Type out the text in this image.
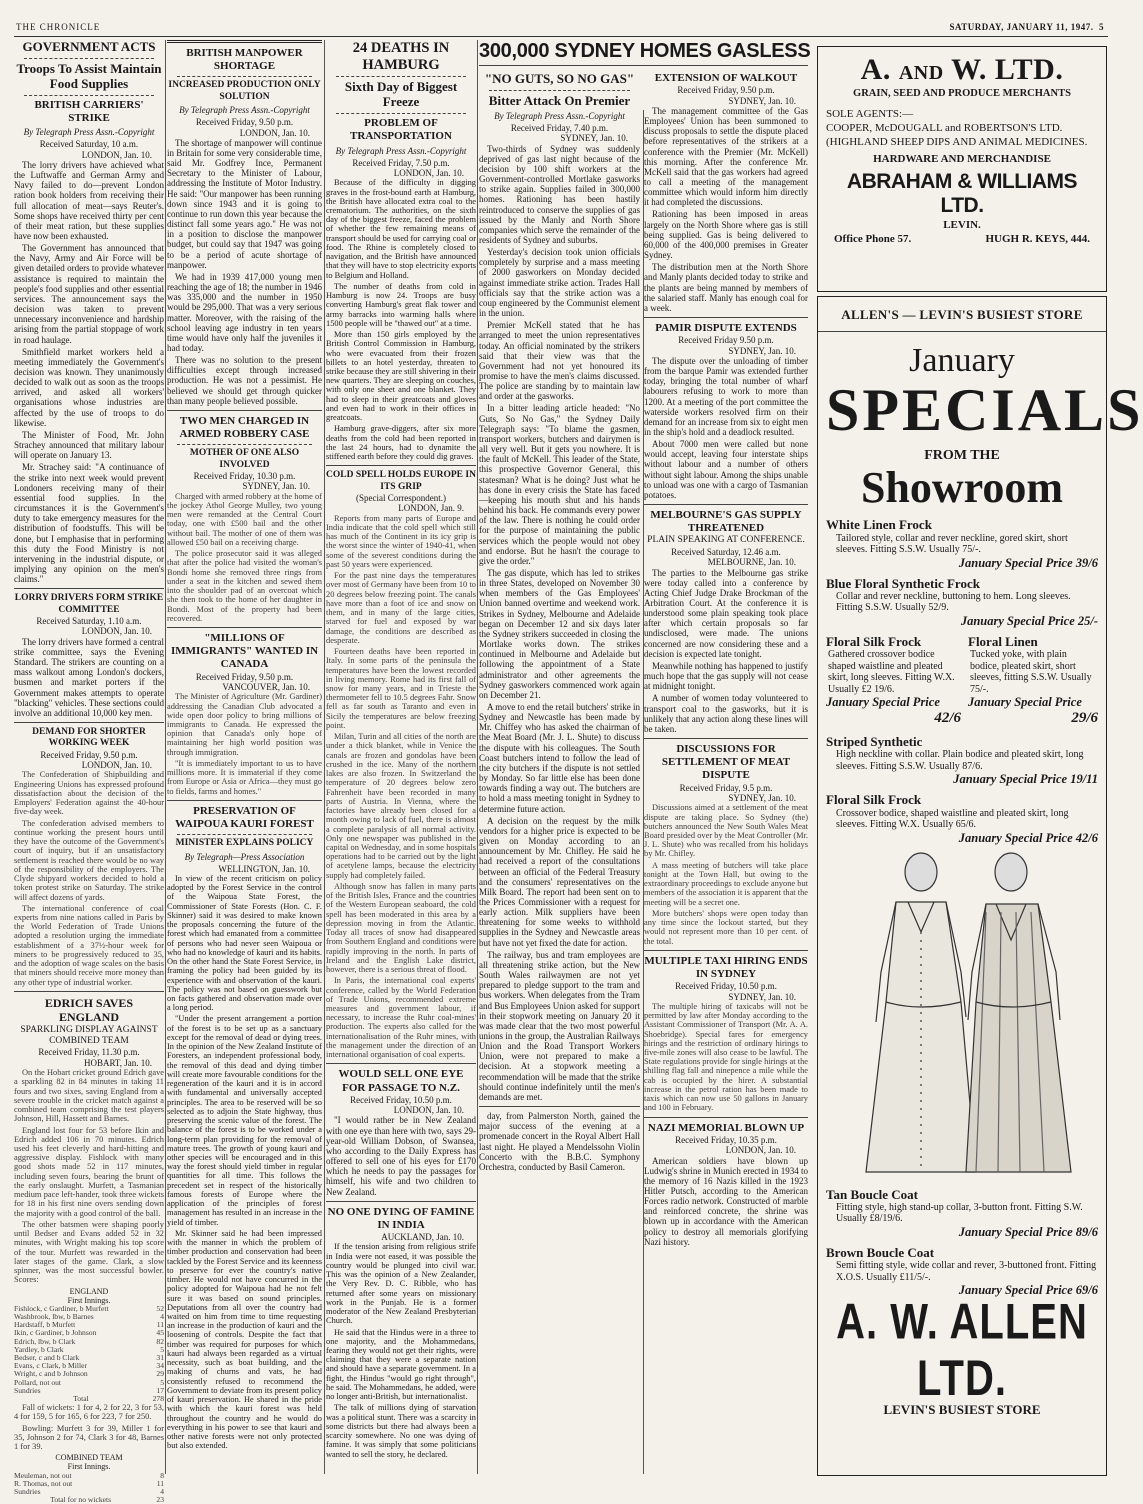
THE CHRONICLE	SATURDAY, JANUARY 11, 1947. 5
GOVERNMENT ACTS
Troops To Assist Maintain Food Supplies
BRITISH CARRIERS' STRIKE
By Telegraph Press Assn.-Copyright
Received Saturday, 10 a.m.
LONDON, Jan. 10.

The lorry drivers have achieved what the Luftwaffe and German Army and Navy failed to do—prevent London ration book holders from receiving their full allocation of meat—says Reuter's. Some shops have received thirty per cent of their meat ration, but these supplies have now been exhausted.

The Government has announced that the Navy, Army and Air Force will be given detailed orders to provide whatever assistance is required to maintain the people's food supplies and other essential services. The announcement says the decision was taken to prevent unnecessary inconvenience and hardship arising from the partial stoppage of work in road haulage.

Smithfield market workers held a meeting immediately the Government's decision was known. They unanimously decided to walk out as soon as the troops arrived, and asked all workers' organisations whose industries are affected by the use of troops to do likewise.

The Minister of Food, Mr. John Strachey announced that military labour will operate on January 13.

Mr. Strachey said: "A continuance of the strike into next week would prevent Londoners receiving many of their essential food supplies. In the circumstances it is the Government's duty to take emergency measures for the distribution of foodstuffs. This will be done, but I emphasise that in performing this duty the Food Ministry is not intervening in the industrial dispute, or implying any opinion on the men's claims."

LORRY DRIVERS FORM STRIKE COMMITTEE
Received Saturday, 1.10 a.m.
LONDON, Jan. 10.

The lorry drivers have formed a central strike committee, says the Evening Standard. The strikers are counting on a mass walkout among London's dockers, busmen and market porters if the Government makes attempts to operate "blacking" vehicles. These sections could involve an additional 10,000 key men.

DEMAND FOR SHORTER WORKING WEEK
Received Friday, 9.50 p.m.
LONDON, Jan. 10.

The Confederation of Shipbuilding and Engineering Unions has expressed profound dissatisfaction about the decision of the Employers' Federation against the 40-hour five-day week.

The confederation advised members to continue working the present hours until they have the outcome of the Government's court of inquiry, but if an unsatisfactory settlement is reached there would be no way of the responsibility of the employers. The Clyde shipyard workers decided to hold a token protest strike on Saturday. The strike will affect dozens of yards.

The international conference of coal experts from nine nations called in Paris by the World Federation of Trade Unions adopted a resolution urging the immediate establishment of a 37½-hour week for miners to be progressively reduced to 35, and the adoption of wage scales on the basis that miners should receive more money than any other type of industrial worker.

EDRICH SAVES ENGLAND
SPARKLING DISPLAY AGAINST COMBINED TEAM
Received Friday, 11.30 p.m.
HOBART, Jan. 10.

On the Hobart cricket ground Edrich gave a sparkling 82 in 84 minutes in taking 11 fours and two sixes, saving England from a severe trouble in the cricket match against a combined team comprising the test players Johnson, Hill, Hassett and Barnes.

England lost four for 53 before Ikin and Edrich added 106 in 70 minutes. Edrich used his feet cleverly and hard-hitting and aggressive display. Fishlock with many good shots made 52 in 117 minutes, including seven fours, bearing the brunt of the early onslaught. Murfett, a Tasmanian medium pace left-hander, took three wickets for 18 in his first nine overs sending down the majority with a good control of the ball.

The other batsmen were shaping poorly until Bedser and Evans added 52 in 32 minutes, with Wright making his top score of the tour. Murfett was rewarded in the later stages of the game. Clark, a slow spinner, was the most successful bowler. Scores:

ENGLAND
First Innings.
Fishlock, c Gardiner, b Murfett	52
Washbrook, lbw, b Barnes	4
Hardstaff, b Murfett	11
Ikin, c Gardiner, b Johnson	45
Edrich, lbw, b Clark	82
Yardley, b Clark	5
Bedser, c and b Clark	31
Evans, c Clark, b Miller	34
Wright, c and b Johnson	29
Pollard, not out	5
Sundries	17
Total	278

Fall of wickets: 1 for 4, 2 for 22, 3 for 53, 4 for 159, 5 for 165, 6 for 223, 7 for 250.

Bowling: Murfett 3 for 39, Miller 1 for 35, Johnson 2 for 74, Clark 3 for 48, Barnes 1 for 39.

COMBINED TEAM
First Innings.
Meuleman, not out	8
R. Thomas, not out	11
Sundries	4
Total for no wickets	23
BRITISH MANPOWER SHORTAGE
INCREASED PRODUCTION ONLY SOLUTION
By Telegraph Press Assn.-Copyright
Received Friday, 9.50 p.m.
LONDON, Jan. 10.

The shortage of manpower will continue in Britain for some very considerable time, said Mr. Godfrey Ince, Permanent Secretary to the Minister of Labour, addressing the Institute of Motor Industry. He said: "Our manpower has been running down since 1943 and it is going to continue to run down this year because the distinct fall some years ago." He was not in a position to disclose the manpower budget, but could say that 1947 was going to be a period of acute shortage of manpower.

We had in 1939 417,000 young men reaching the age of 18; the number in 1946 was 335,000 and the number in 1950 would be 295,000. That was a very serious matter. Moreover, with the raising of the school leaving age industry in ten years time would have only half the juveniles it had today.

There was no solution to the present difficulties except through increased production. He was not a pessimist. He believed we should get through quicker than many people believed possible.

TWO MEN CHARGED IN ARMED ROBBERY CASE
MOTHER OF ONE ALSO INVOLVED
Received Friday, 10.30 p.m.
SYDNEY, Jan. 10.

Charged with armed robbery at the home of the jockey Athol George Mulley, two young men were remanded at the Central Court today, one with £500 bail and the other without bail. The mother of one of them was allowed £50 bail on a receiving charge.

The police prosecutor said it was alleged that after the police had visited the woman's Bondi home she removed three rings from under a seat in the kitchen and sewed them into the shoulder pad of an overcoat which she then took to the home of her daughter in Bondi. Most of the property had been recovered.

"MILLIONS OF IMMIGRANTS" WANTED IN CANADA
Received Friday, 9.50 p.m.
VANCOUVER, Jan. 10.

The Minister of Agriculture (Mr. Gardiner) addressing the Canadian Club advocated a wide open door policy to bring millions of immigrants to Canada. He expressed the opinion that Canada's only hope of maintaining her high world position was through immigration.

"It is immediately important to us to have millions more. It is immaterial if they come from Europe or Asia or Africa—they must go to fields, farms and homes."

PRESERVATION OF WAIPOUA KAURI FOREST
MINISTER EXPLAINS POLICY
By Telegraph—Press Association
WELLINGTON, Jan. 10.

In view of the recent criticism on policy adopted by the Forest Service in the control of the Waipoua State Forest, the Commissioner of State Forests (Hon. C. F. Skinner) said it was desired to make known the proposals concerning the future of the forest which had emanated from a committee of persons who had never seen Waipoua or who had no knowledge of kauri and its habits. On the other hand the State Forest Service, in framing the policy had been guided by its experience with and observation of the kauri. The policy was not based on guesswork but on facts gathered and observation made over a long period.

"Under the present arrangement a portion of the forest is to be set up as a sanctuary except for the removal of dead or dying trees. In the opinion of the New Zealand Institute of Foresters, an independent professional body, the removal of this dead and dying timber will create more favourable conditions for the regeneration of the kauri and it is in accord with fundamental and universally accepted principles. The area to be reserved will be so selected as to adjoin the State highway, thus preserving the scenic value of the forest. The balance of the forest is to be worked under a long-term plan providing for the removal of mature trees. The growth of young kauri and other species will be encouraged and in this way the forest should yield timber in regular quantities for all time. This follows the precedent set in respect of the historically famous forests of Europe where the application of the principles of forest management has resulted in an increase in the yield of timber.

Mr. Skinner said he had been impressed with the manner in which the problem of timber production and conservation had been tackled by the Forest Service and its keenness to preserve for ever the country's native timber. He would not have concurred in the policy adopted for Waipoua had he not felt sure it was based on sound principles. Deputations from all over the country had waited on him from time to time requesting an increase in the production of kauri and the loosening of controls. Despite the fact that timber was required for purposes for which kauri had always been regarded as a virtual necessity, such as boat building, and the making of churns and vats, he had consistently refused to recommend the Government to deviate from its present policy of kauri preservation. He shared in the pride with which the kauri forest was held throughout the country and he would do everything in his power to see that kauri and other native forests were not only protected but also extended.

24 DEATHS IN HAMBURG
Sixth Day of Biggest Freeze
PROBLEM OF TRANSPORTATION
By Telegraph Press Assn.-Copyright
Received Friday, 7.50 p.m.
LONDON, Jan. 10.

Because of the difficulty in digging graves in the frost-bound earth at Hamburg, the British have allocated extra coal to the crematorium. The authorities, on the sixth day of the biggest freeze, faced the problem of whether the few remaining means of transport should be used for carrying coal or food. The Rhine is completely closed to navigation, and the British have announced that they will have to stop electricity exports to Belgium and Holland.

The number of deaths from cold in Hamburg is now 24. Troops are busy converting Hamburg's great flak tower and army barracks into warming halls where 1500 people will be "thawed out" at a time.

More than 150 girls employed by the British Control Commission in Hamburg, who were evacuated from their frozen billets to an hotel yesterday, threaten to strike because they are still shivering in their new quarters. They are sleeping on couches, with only one sheet and one blanket. They had to sleep in their greatcoats and gloves and even had to work in their offices in greatcoats.

Hamburg grave-diggers, after six more deaths from the cold had been reported in the last 24 hours, had to dynamite the stiffened earth before they could dig graves.

COLD SPELL HOLDS EUROPE IN ITS GRIP
(Special Correspondent.)
LONDON, Jan. 9.

Reports from many parts of Europe and India indicate that the cold spell which still has much of the Continent in its icy grip is the worst since the winter of 1940-41, when some of the severest conditions during the past 50 years were experienced.

For the past nine days the temperatures over most of Germany have been from 10 to 20 degrees below freezing point. The canals have more than a foot of ice and snow on them, and in many of the large cities, starved for fuel and exposed by war damage, the conditions are described as desperate.

Fourteen deaths have been reported in Italy. In some parts of the peninsula the temperatures have been the lowest recorded in living memory. Rome had its first fall of snow for many years, and in Trieste the thermometer fell to 10.5 degrees Fahr. Snow fell as far south as Taranto and even in Sicily the temperatures are below freezing point.

Milan, Turin and all cities of the north are under a thick blanket, while in Venice the canals are frozen and gondolas have been crushed in the ice. Many of the northern lakes are also frozen. In Switzerland the temperature of 20 degrees below zero Fahrenheit have been recorded in many parts of Austria. In Vienna, where the factories have already been closed for a month owing to lack of fuel, there is almost a complete paralysis of all normal activity. Only one newspaper was published in the capital on Wednesday, and in some hospitals operations had to be carried out by the light of acetylene lamps, because the electricity supply had completely failed.

Although snow has fallen in many parts of the British Isles, France and the countries of the Western European seaboard, the cold spell has been moderated in this area by a depression moving in from the Atlantic. Today all traces of snow had disappeared from Southern England and conditions were rapidly improving in the north. In parts of Ireland and the English Lake district, however, there is a serious threat of flood.

In Paris, the international coal experts' conference, called by the World Federation of Trade Unions, recommended extreme measures and government labour, if necessary, to increase the Ruhr coal-mines' production. The experts also called for the internationalisation of the Ruhr mines, with the management under the direction of an international organisation of coal experts.

WOULD SELL ONE EYE FOR PASSAGE TO N.Z.
Received Friday, 10.50 p.m.
LONDON, Jan. 10.

"I would rather be in New Zealand with one eye than here with two, says 29-year-old William Dobson, of Swansea, who according to the Daily Express has offered to sell one of his eyes for £170 which he needs to pay the passages for himself, his wife and two children to New Zealand.

NO ONE DYING OF FAMINE IN INDIA
AUCKLAND, Jan. 10.

If the tension arising from religious strife in India were not eased, it was possible the country would be plunged into civil war. This was the opinion of a New Zealander, the Very Rev. D. C. Ribble, who has returned after some years on missionary work in the Punjab. He is a former moderator of the New Zealand Presbyterian Church.

He said that the Hindus were in a three to one majority, and the Mohammedans, fearing they would not get their rights, were claiming that they were a separate nation and should have a separate government. In a fight, the Hindus "would go right through", he said. The Mohammedans, he added, were no longer anti-British, but internationalist.

The talk of millions dying of starvation was a political stunt. There was a scarcity in some districts but there had always been a scarcity somewhere. No one was dying of famine. It was simply that some politicians wanted to sell the story, he declared.

300,000 SYDNEY HOMES GASLESS
"NO GUTS, SO NO GAS"
Bitter Attack On Premier
By Telegraph Press Assn.-Copyright
Received Friday, 7.40 p.m.
SYDNEY, Jan. 10.

Two-thirds of Sydney was suddenly deprived of gas last night because of the decision by 100 shift workers at the Government-controlled Mortlake gasworks to strike again. Supplies failed in 300,000 homes. Rationing has been hastily reintroduced to conserve the supplies of gas issued by the Manly and North Shore companies which serve the remainder of the residents of Sydney and suburbs.

Yesterday's decision took union officials completely by surprise and a mass meeting of 2000 gasworkers on Monday decided against immediate strike action. Trades Hall officials say that the strike action was a coup engineered by the Communist element in the union.

Premier McKell stated that he has arranged to meet the union representatives today. An official nominated by the strikers said that their view was that the Government had not yet honoured its promise to have the men's claims discussed. The police are standing by to maintain law and order at the gasworks.

In a bitter leading article headed: "No Guts, So No Gas," the Sydney Daily Telegraph says: "To blame the gasmen, transport workers, butchers and dairymen is all very well. But it gets you nowhere. It is the fault of McKell. This leader of the State, this prospective Governor General, this statesman? What is he doing? Just what he has done in every crisis the State has faced—keeping his mouth shut and his hands behind his back. He commands every power of the law. There is nothing he could order for the purpose of maintaining the public services which the people would not obey and endorse. But he hasn't the courage to give the order."

The gas dispute, which has led to strikes in three States, developed on November 30 when members of the Gas Employees' Union banned overtime and weekend work. Strikes in Sydney, Melbourne and Adelaide began on December 12 and six days later the Sydney strikers succeeded in closing the Mortlake works down. The strikes continued in Melbourne and Adelaide but following the appointment of a State administrator and other agreements the Sydney gasworkers commenced work again on December 21.

A move to end the retail butchers' strike in Sydney and Newcastle has been made by Mr. Chiffey who has asked the chairman of the Meat Board (Mr. J. L. Shute) to discuss the dispute with his colleagues. The South Coast butchers intend to follow the lead of the city butchers if the dispute is not settled by Monday. So far little else has been done towards finding a way out. The butchers are to hold a mass meeting tonight in Sydney to determine future action.

A decision on the request by the milk vendors for a higher price is expected to be given on Monday according to an announcement by Mr. Chifley. He said he had received a report of the consultations between an official of the Federal Treasury and the consumers' representatives on the Milk Board. The report had been sent on to the Prices Commissioner with a request for early action. Milk suppliers have been threatening for some weeks to withhold supplies in the Sydney and Newcastle areas but have not yet fixed the date for action.

The railway, bus and tram employees are all threatening strike action, but the New South Wales railwaymen are not yet prepared to pledge support to the tram and bus workers. When delegates from the Tram and Bus Employees Union asked for support in their stopwork meeting on January 20 it was made clear that the two most powerful unions in the group, the Australian Railways Union and the Road Transport Workers Union, were not prepared to make a decision. At a stopwork meeting a recommendation will be made that the strike should continue indefinitely until the men's demands are met.

day, from Palmerston North, gained the major success of the evening at a promenade concert in the Royal Albert Hall last night. He played a Mendelssohn Violin Concerto with the B.B.C. Symphony Orchestra, conducted by Basil Cameron.

EXTENSION OF WALKOUT
Received Friday, 9.50 p.m.
SYDNEY, Jan. 10.

The management committee of the Gas Employees' Union has been summoned to discuss proposals to settle the dispute placed before representatives of the strikers at a conference with the Premier (Mr. McKell) this morning. After the conference Mr. McKell said that the gas workers had agreed to call a meeting of the management committee which would inform him directly it had completed the discussions.

Rationing has been imposed in areas largely on the North Shore where gas is still being supplied. Gas is being delivered to 60,000 of the 400,000 premises in Greater Sydney.

The distribution men at the North Shore and Manly plants decided today to strike and the plants are being manned by members of the salaried staff. Manly has enough coal for a week.

PAMIR DISPUTE EXTENDS
Received Friday 9.50 p.m.
SYDNEY, Jan. 10.

The dispute over the unloading of timber from the barque Pamir was extended further today, bringing the total number of wharf labourers refusing to work to more than 1200. At a meeting of the port committee the waterside workers resolved firm on their demand for an increase from six to eight men in the ship's hold and a deadlock resulted.

About 7000 men were called but none would accept, leaving four interstate ships without labour and a number of others without sight labour. Among the ships unable to unload was one with a cargo of Tasmanian potatoes.

MELBOURNE'S GAS SUPPLY THREATENED
PLAIN SPEAKING AT CONFERENCE.
Received Saturday, 12.46 a.m.
MELBOURNE, Jan. 10.

The parties to the Melbourne gas strike were today called into a conference by Acting Chief Judge Drake Brockman of the Arbitration Court. At the conference it is understood some plain speaking took place after which certain proposals so far undisclosed, were made. The unions concerned are now considering these and a decision is expected late tonight.

Meanwhile nothing has happened to justify much hope that the gas supply will not cease at midnight tonight.

A number of women today volunteered to transport coal to the gasworks, but it is unlikely that any action along these lines will be taken.

DISCUSSIONS FOR SETTLEMENT OF MEAT DISPUTE
Received Friday, 9.5 p.m.
SYDNEY, Jan. 10.

Discussions aimed at a settlement of the meat dispute are taking place. So Sydney (the) butchers announced the New South Wales Meat Board presided over by the Meat Controller (Mr. J. L. Shute) who was recalled from his holidays by Mr. Chifley.

A mass meeting of butchers will take place tonight at the Town Hall, but owing to the extraordinary proceedings to exclude anyone but members of the association it is apparent that the meeting will be a secret one.

More butchers' shops were open today than any time since the lockout started, but they would not represent more than 10 per cent. of the total.

MULTIPLE TAXI HIRING ENDS IN SYDNEY
Received Friday, 10.50 p.m.
SYDNEY, Jan. 10.

The multiple hiring of taxicabs will not be permitted by law after Monday according to the Assistant Commissioner of Transport (Mr. A. A. Shoebridge). Special fares for emergency hirings and the restriction of ordinary hirings to five-mile zones will also cease to be lawful. The State regulations provide for single hirings at the shilling flag fall and ninepence a mile while the cab is occupied by the hirer. A substantial increase in the petrol ration has been made to taxis which can now use 50 gallons in January and 100 in February.

NAZI MEMORIAL BLOWN UP
Received Friday, 10.35 p.m.
LONDON, Jan. 10.

American soldiers have blown up Ludwig's shrine in Munich erected in 1934 to the memory of 16 Nazis killed in the 1923 Hitler Putsch, according to the American Forces radio network. Constructed of marble and reinforced concrete, the shrine was blown up in accordance with the American policy to destroy all memorials glorifying Nazi history.

A. AND W. LTD.
GRAIN, SEED AND PRODUCE MERCHANTS
SOLE AGENTS:—
COOPER, McDOUGALL and ROBERTSON'S LTD.
(HIGHLAND SHEEP DIPS AND ANIMAL MEDICINES.
HARDWARE AND MERCHANDISE
ABRAHAM & WILLIAMS LTD.
LEVIN.
Office Phone 57.	HUGH R. KEYS, 444.
ALLEN'S — LEVIN'S BUSIEST STORE
January
SPECIALS
FROM THE
Showroom
White Linen Frock
Tailored style, collar and rever neckline, gored skirt, short sleeves. Fitting S.S.W. Usually 75/-.
January Special Price 39/6
Blue Floral Synthetic Frock
Collar and rever neckline, buttoning to hem. Long sleeves. Fitting S.S.W. Usually 52/9.
January Special Price 25/-
Floral Silk Frock
Gathered crossover bodice shaped waistline and pleated skirt, long sleeves. Fitting W.X. Usually £2 19/6.
January Special Price
42/6
Floral Linen
Tucked yoke, with plain bodice, pleated skirt, short sleeves, fitting S.S.W. Usually 75/-.
January Special Price
29/6
Striped Synthetic
High neckline with collar. Plain bodice and pleated skirt, long sleeves. Fitting S.S.W. Usually 87/6.
January Special Price 19/11
Floral Silk Frock
Crossover bodice, shaped waistline and pleated skirt, long sleeves. Fitting W.X. Usually 65/6.
January Special Price 42/6
Tan Boucle Coat
Fitting style, high stand-up collar, 3-button front. Fitting S.W. Usually £8/19/6.
January Special Price 89/6
Brown Boucle Coat
Semi fitting style, wide collar and rever, 3-buttoned front. Fitting X.O.S. Usually £11/5/-.
January Special Price 69/6
A. W. ALLEN LTD.
LEVIN'S BUSIEST STORE
